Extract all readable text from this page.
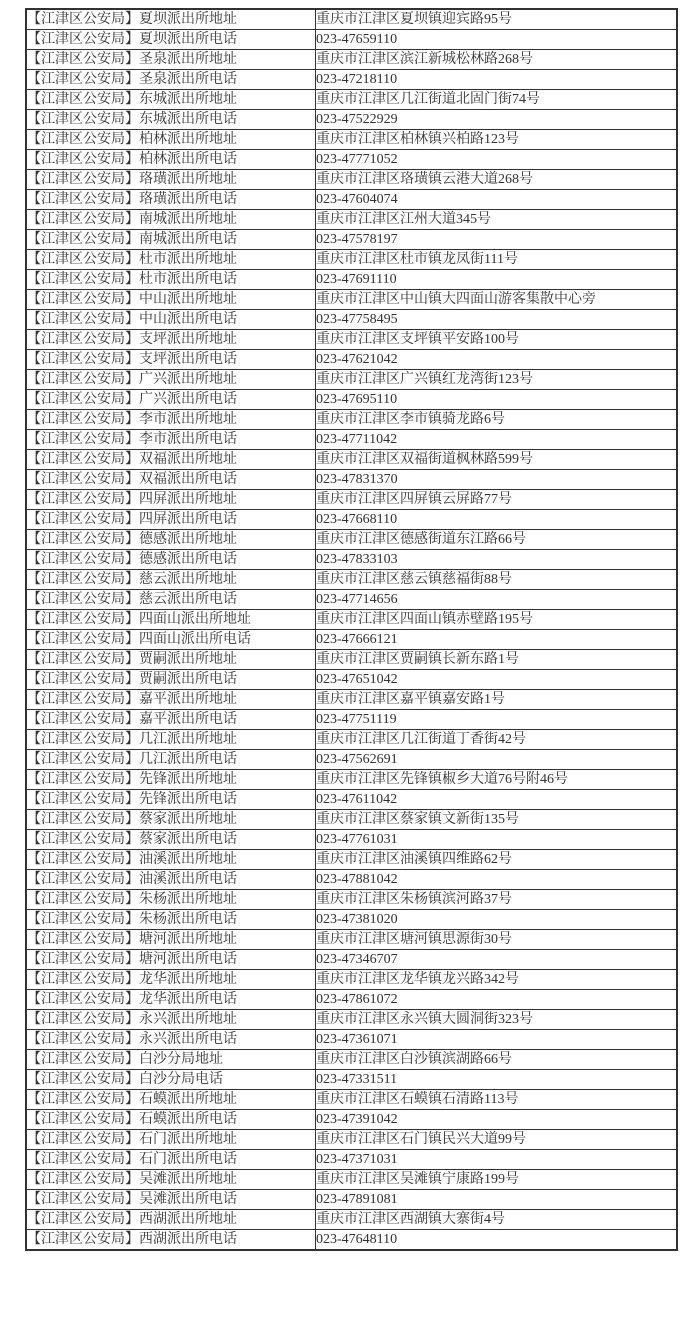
【江津区公安局】夏坝派出所地址	重庆市江津区夏坝镇迎宾路95号
【江津区公安局】夏坝派出所电话	023-47659110
【江津区公安局】圣泉派出所地址	重庆市江津区滨江新城松林路268号
【江津区公安局】圣泉派出所电话	023-47218110
【江津区公安局】东城派出所地址	重庆市江津区几江街道北固门街74号
【江津区公安局】东城派出所电话	023-47522929
【江津区公安局】柏林派出所地址	重庆市江津区柏林镇兴柏路123号
【江津区公安局】柏林派出所电话	023-47771052
【江津区公安局】珞璜派出所地址	重庆市江津区珞璜镇云港大道268号
【江津区公安局】珞璜派出所电话	023-47604074
【江津区公安局】南城派出所地址	重庆市江津区江州大道345号
【江津区公安局】南城派出所电话	023-47578197
【江津区公安局】杜市派出所地址	重庆市江津区杜市镇龙凤街111号
【江津区公安局】杜市派出所电话	023-47691110
【江津区公安局】中山派出所地址	重庆市江津区中山镇大四面山游客集散中心旁
【江津区公安局】中山派出所电话	023-47758495
【江津区公安局】支坪派出所地址	重庆市江津区支坪镇平安路100号
【江津区公安局】支坪派出所电话	023-47621042
【江津区公安局】广兴派出所地址	重庆市江津区广兴镇红龙湾街123号
【江津区公安局】广兴派出所电话	023-47695110
【江津区公安局】李市派出所地址	重庆市江津区李市镇骑龙路6号
【江津区公安局】李市派出所电话	023-47711042
【江津区公安局】双福派出所地址	重庆市江津区双福街道枫林路599号
【江津区公安局】双福派出所电话	023-47831370
【江津区公安局】四屏派出所地址	重庆市江津区四屏镇云屏路77号
【江津区公安局】四屏派出所电话	023-47668110
【江津区公安局】德感派出所地址	重庆市江津区德感街道东江路66号
【江津区公安局】德感派出所电话	023-47833103
【江津区公安局】慈云派出所地址	重庆市江津区慈云镇慈福街88号
【江津区公安局】慈云派出所电话	023-47714656
【江津区公安局】四面山派出所地址	重庆市江津区四面山镇赤壁路195号
【江津区公安局】四面山派出所电话	023-47666121
【江津区公安局】贾嗣派出所地址	重庆市江津区贾嗣镇长新东路1号
【江津区公安局】贾嗣派出所电话	023-47651042
【江津区公安局】嘉平派出所地址	重庆市江津区嘉平镇嘉安路1号
【江津区公安局】嘉平派出所电话	023-47751119
【江津区公安局】几江派出所地址	重庆市江津区几江街道丁香街42号
【江津区公安局】几江派出所电话	023-47562691
【江津区公安局】先锋派出所地址	重庆市江津区先锋镇椒乡大道76号附46号
【江津区公安局】先锋派出所电话	023-47611042
【江津区公安局】蔡家派出所地址	重庆市江津区蔡家镇文新街135号
【江津区公安局】蔡家派出所电话	023-47761031
【江津区公安局】油溪派出所地址	重庆市江津区油溪镇四维路62号
【江津区公安局】油溪派出所电话	023-47881042
【江津区公安局】朱杨派出所地址	重庆市江津区朱杨镇滨河路37号
【江津区公安局】朱杨派出所电话	023-47381020
【江津区公安局】塘河派出所地址	重庆市江津区塘河镇思源街30号
【江津区公安局】塘河派出所电话	023-47346707
【江津区公安局】龙华派出所地址	重庆市江津区龙华镇龙兴路342号
【江津区公安局】龙华派出所电话	023-47861072
【江津区公安局】永兴派出所地址	重庆市江津区永兴镇大圆洞街323号
【江津区公安局】永兴派出所电话	023-47361071
【江津区公安局】白沙分局地址	重庆市江津区白沙镇滨湖路66号
【江津区公安局】白沙分局电话	023-47331511
【江津区公安局】石蟆派出所地址	重庆市江津区石蟆镇石清路113号
【江津区公安局】石蟆派出所电话	023-47391042
【江津区公安局】石门派出所地址	重庆市江津区石门镇民兴大道99号
【江津区公安局】石门派出所电话	023-47371031
【江津区公安局】吴滩派出所地址	重庆市江津区吴滩镇宁康路199号
【江津区公安局】吴滩派出所电话	023-47891081
【江津区公安局】西湖派出所地址	重庆市江津区西湖镇大寨街4号
【江津区公安局】西湖派出所电话	023-47648110
